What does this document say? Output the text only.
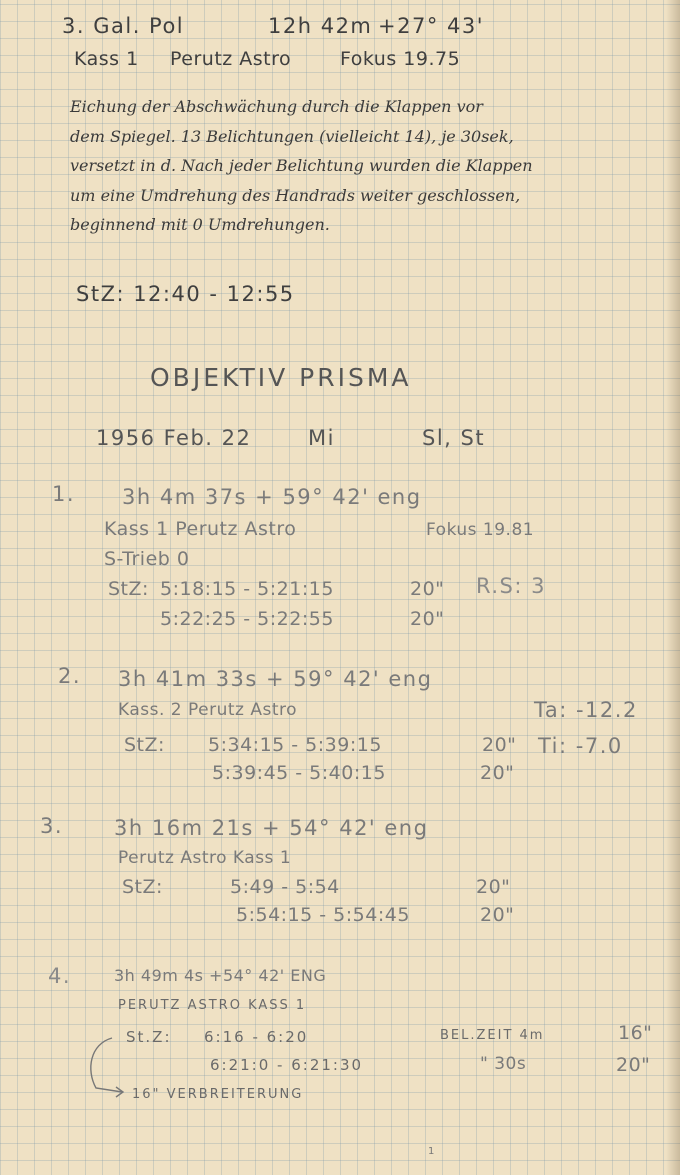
3. Gal. Pol	12h 42m +27° 43'
Kass 1 Perutz Astro	Fokus 19.75
Eichung der Abschwächung durch die Klappen vor
dem Spiegel. 13 Belichtungen (vielleicht 14), je 30sek,
versetzt in d. Nach jeder Belichtung wurden die Klappen
um eine Umdrehung des Handrads weiter geschlossen,
beginnend mit 0 Umdrehungen.
StZ: 12:40 - 12:55
OBJEKTIV PRISMA
1956 Feb. 22	Mi	Sl, St
1. 3h 4m 37s + 59° 42' eng
Kass 1 Perutz Astro	Fokus 19.81
S-Trieb 0
StZ: 5:18:15 - 5:21:15	20" R.S: 3
5:22:25 - 5:22:55	20"
2. 3h 41m 33s + 59° 42' eng
Kass. 2 Perutz Astro	Ta: -12.2
StZ: 5:34:15 - 5:39:15	20" Ti: -7.0
5:39:45 - 5:40:15	20"
3. 3h 16m 21s + 54° 42' eng
Perutz Astro Kass 1
StZ:	5:49 - 5:54	20"
5:54:15 - 5:54:45	20"
4.	3h 49m 4s +54° 42' ENG
PERUTZ ASTRO KASS 1
St.Z: 6:16 - 6:20	BEL.ZEIT 4m	16"
6:21:0 - 6:21:30	" 30s	20"
16" VERBREITERUNG
1
